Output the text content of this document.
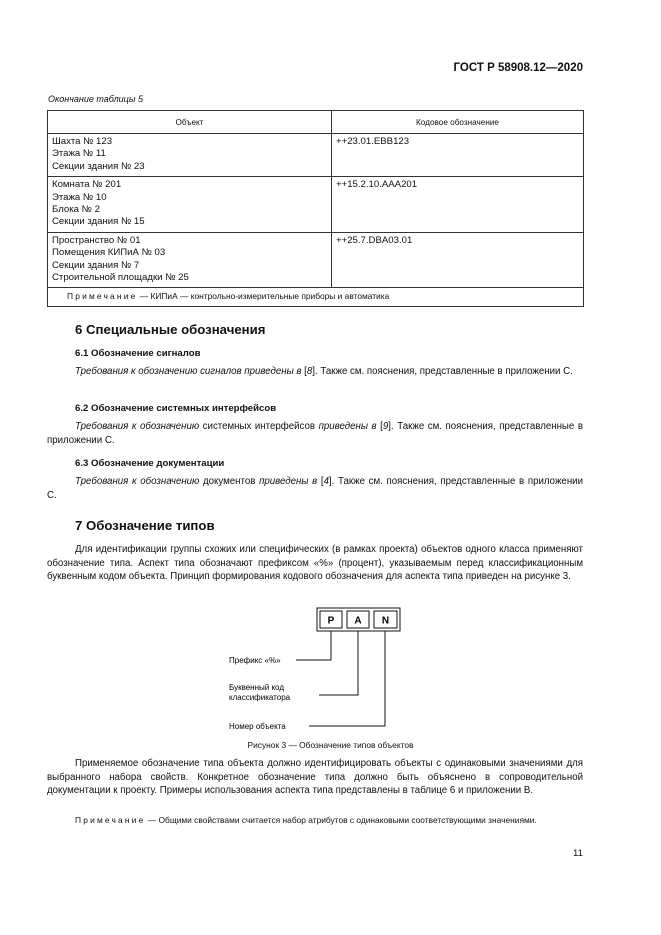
ГОСТ Р 58908.12—2020
Окончание таблицы 5
Объект	Кодовое обозначение

Шахта № 123
Этажа № 11
Секции здания № 23	++23.01.EBB123

Комната № 201
Этажа № 10
Блока № 2
Секции здания № 15	++15.2.10.AAA201

Пространство № 01
Помещения КИПиА № 03
Секции здания № 7
Строительной площадки № 25	++25.7.DBA03.01
Примечание — КИПиА — контрольно-измерительные приборы и автоматика	
6 Специальные обозначения
6.1 Обозначение сигналов
Требования к обозначению сигналов приведены в [8]. Также см. пояснения, представленные в приложении С.
6.2 Обозначение системных интерфейсов
Требования к обозначению системных интерфейсов приведены в [9]. Также см. пояснения, представленные в приложении С.
6.3 Обозначение документации
Требования к обозначению документов приведены в [4]. Также см. пояснения, представленные в приложении С.
7 Обозначение типов
Для идентификации группы схожих или специфических (в рамках проекта) объектов одного класса применяют обозначение типа. Аспект типа обозначают префиксом «%» (процент), указываемым перед классификационным буквенным кодом объекта. Принцип формирования кодового обозначения для аспекта типа приведен на рисунке 3.
P A N
Префикс «%»
Буквенный код
классификатора
Номер объекта
Рисунок 3 — Обозначение типов объектов
Применяемое обозначение типа объекта должно идентифицировать объекты с одинаковыми значениями для выбранного набора свойств. Конкретное обозначение типа должно быть объяснено в сопроводительной документации к проекту. Примеры использования аспекта типа представлены в таблице 6 и приложении В.
Примечание — Общими свойствами считается набор атрибутов с одинаковыми соответствующими значениями.
11
